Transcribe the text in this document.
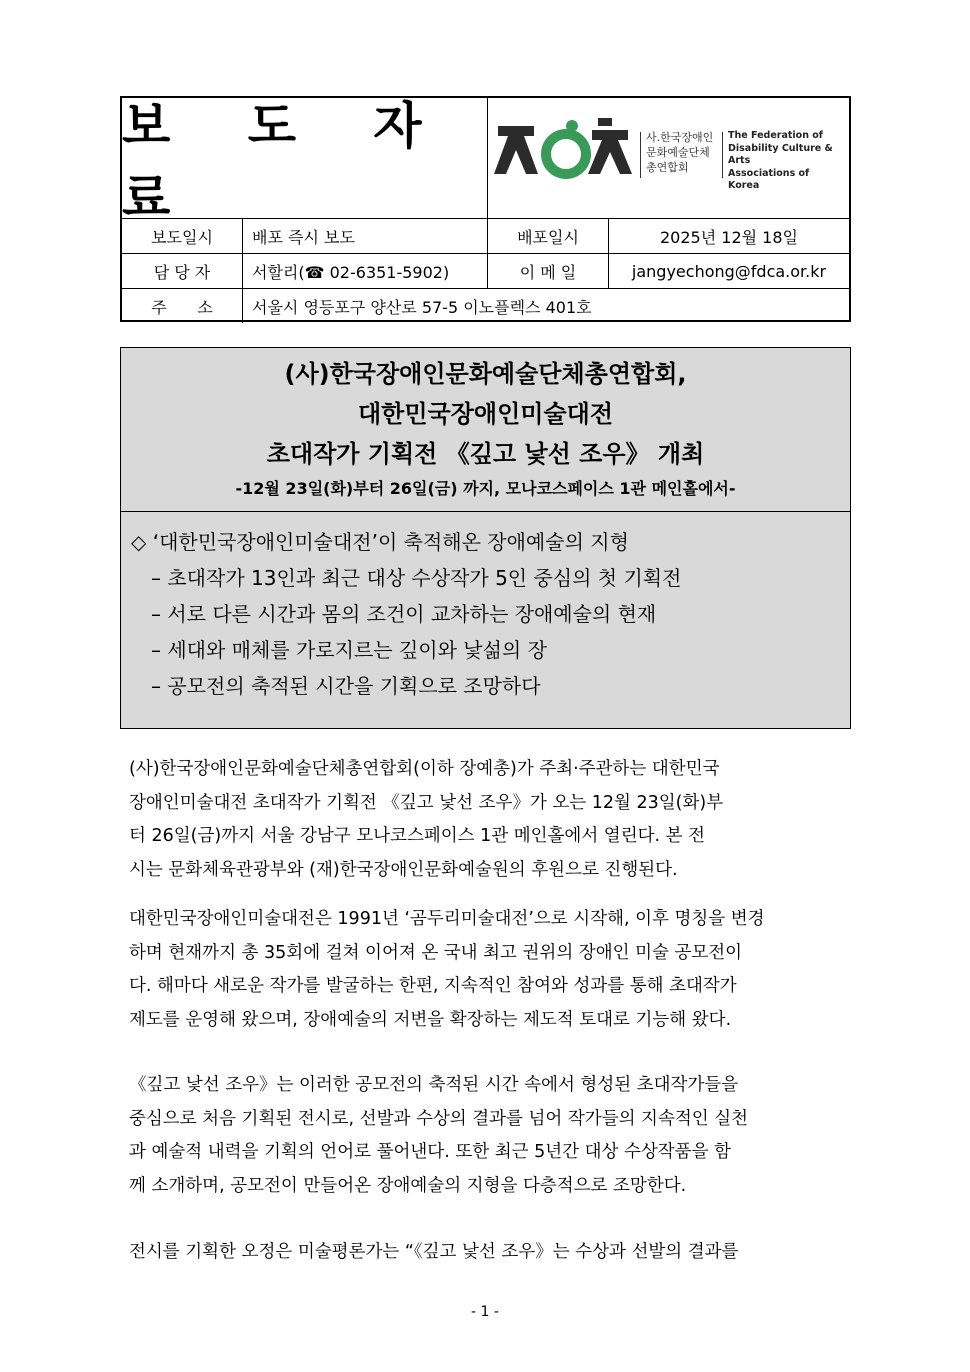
보 도 자 료
사.한국장애인
문화예술단체
총연합회
The Federation of
Disability Culture & Arts
Associations of
Korea
보도일시	배포 즉시 보도	배포일시	2025년 12월 18일
담 당 자	서할리(☎ 02-6351-5902)	이 메 일	jangyechong@fdca.or.kr
주      소	서울시 영등포구 양산로 57-5 이노플렉스 401호
(사)한국장애인문화예술단체총연합회,
대한민국장애인미술대전
초대작가 기획전 《깊고 낯선 조우》 개최
-12월 23일(화)부터 26일(금) 까지, 모나코스페이스 1관 메인홀에서-
◇ ‘대한민국장애인미술대전’이 축적해온 장애예술의 지형
– 초대작가 13인과 최근 대상 수상작가 5인 중심의 첫 기획전
– 서로 다른 시간과 몸의 조건이 교차하는 장애예술의 현재
– 세대와 매체를 가로지르는 깊이와 낯섦의 장
– 공모전의 축적된 시간을 기획으로 조망하다
(사)한국장애인문화예술단체총연합회(이하 장예총)가 주최·주관하는 대한민국
장애인미술대전 초대작가 기획전 《깊고 낯선 조우》가 오는 12월 23일(화)부
터 26일(금)까지 서울 강남구 모나코스페이스 1관 메인홀에서 열린다. 본 전
시는 문화체육관광부와 (재)한국장애인문화예술원의 후원으로 진행된다.
대한민국장애인미술대전은 1991년 ‘곰두리미술대전’으로 시작해, 이후 명칭을 변경
하며 현재까지 총 35회에 걸쳐 이어져 온 국내 최고 권위의 장애인 미술 공모전이
다. 해마다 새로운 작가를 발굴하는 한편, 지속적인 참여와 성과를 통해 초대작가
제도를 운영해 왔으며, 장애예술의 저변을 확장하는 제도적 토대로 기능해 왔다.
《깊고 낯선 조우》는 이러한 공모전의 축적된 시간 속에서 형성된 초대작가들을
중심으로 처음 기획된 전시로, 선발과 수상의 결과를 넘어 작가들의 지속적인 실천
과 예술적 내력을 기획의 언어로 풀어낸다. 또한 최근 5년간 대상 수상작품을 함
께 소개하며, 공모전이 만들어온 장애예술의 지형을 다층적으로 조망한다.
전시를 기획한 오정은 미술평론가는 “《깊고 낯선 조우》는 수상과 선발의 결과를
- 1 -
